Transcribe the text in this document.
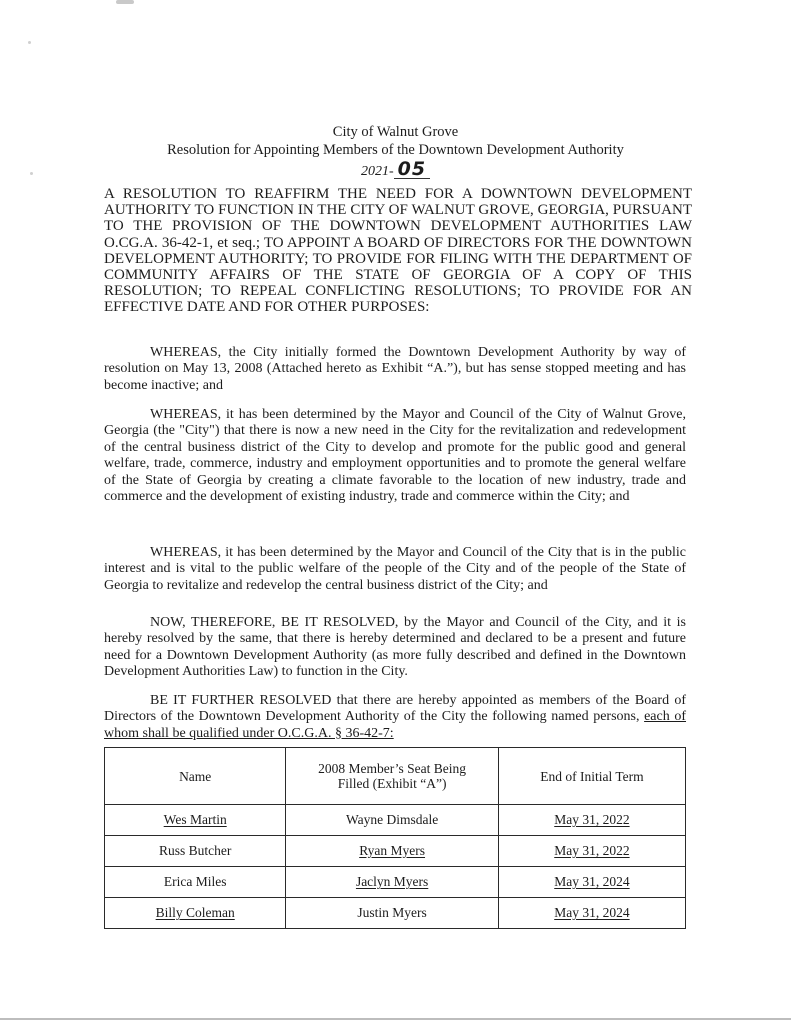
City of Walnut Grove
Resolution for Appointing Members of the Downtown Development Authority
2021- 05
A RESOLUTION TO REAFFIRM THE NEED FOR A DOWNTOWN DEVELOPMENT AUTHORITY TO FUNCTION IN THE CITY OF WALNUT GROVE, GEORGIA, PURSUANT TO THE PROVISION OF THE DOWNTOWN DEVELOPMENT AUTHORITIES LAW O.CG.A. 36-42-1, et seq.; TO APPOINT A BOARD OF DIRECTORS FOR THE DOWNTOWN DEVELOPMENT AUTHORITY; TO PROVIDE FOR FILING WITH THE DEPARTMENT OF COMMUNITY AFFAIRS OF THE STATE OF GEORGIA OF A COPY OF THIS RESOLUTION; TO REPEAL CONFLICTING RESOLUTIONS; TO PROVIDE FOR AN EFFECTIVE DATE AND FOR OTHER PURPOSES:
WHEREAS, the City initially formed the Downtown Development Authority by way of resolution on May 13, 2008 (Attached hereto as Exhibit “A.”), but has sense stopped meeting and has become inactive; and
WHEREAS, it has been determined by the Mayor and Council of the City of Walnut Grove, Georgia (the "City") that there is now a new need in the City for the revitalization and redevelopment of the central business district of the City to develop and promote for the public good and general welfare, trade, commerce, industry and employment opportunities and to promote the general welfare of the State of Georgia by creating a climate favorable to the location of new industry, trade and commerce and the development of existing industry, trade and commerce within the City; and
WHEREAS, it has been determined by the Mayor and Council of the City that is in the public interest and is vital to the public welfare of the people of the City and of the people of the State of Georgia to revitalize and redevelop the central business district of the City; and
NOW, THEREFORE, BE IT RESOLVED, by the Mayor and Council of the City, and it is hereby resolved by the same, that there is hereby determined and declared to be a present and future need for a Downtown Development Authority (as more fully described and defined in the Downtown Development Authorities Law) to function in the City.
BE IT FURTHER RESOLVED that there are hereby appointed as members of the Board of Directors of the Downtown Development Authority of the City the following named persons, each of whom shall be qualified under O.C.G.A. § 36-42-7:
Name	2008 Member’s Seat Being Filled (Exhibit “A”)	End of Initial Term
Wes Martin	Wayne Dimsdale	May 31, 2022
Russ Butcher	Ryan Myers	May 31, 2022
Erica Miles	Jaclyn Myers	May 31, 2024
Billy Coleman	Justin Myers	May 31, 2024
